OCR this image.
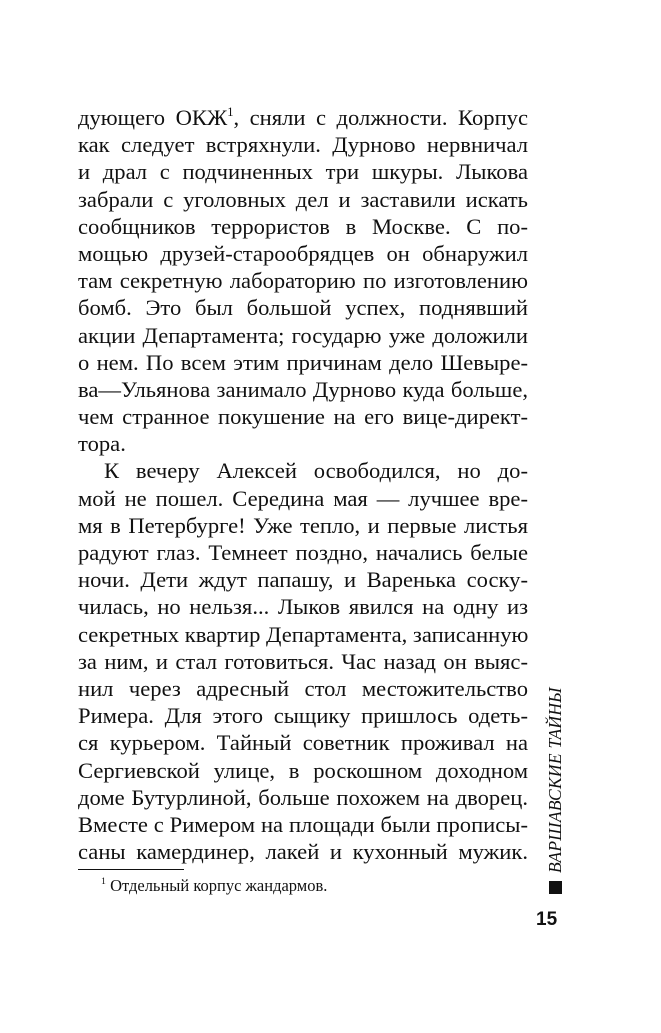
дующего ОКЖ$^1$, сняли с должности. Корпус
как следует встряхнули. Дурново нервничал
и драл с подчиненных три шкуры. Лыкова
забрали с уголовных дел и заставили искать
сообщников террористов в Москве. С по-
мощью друзей-старообрядцев он обнаружил
там секретную лабораторию по изготовлению
бомб. Это был большой успех, поднявший
акции Департамента; государю уже доложили
о нем. По всем этим причинам дело Шевыре-
ва—Ульянова занимало Дурново куда больше,
чем странное покушение на его вице-директ-
тора.
К вечеру Алексей освободился, но до-
мой не пошел. Середина мая — лучшее вре-
мя в Петербурге! Уже тепло, и первые листья
радуют глаз. Темнеет поздно, начались белые
ночи. Дети ждут папашу, и Варенька соску-
чилась, но нельзя... Лыков явился на одну из
секретных квартир Департамента, записанную
за ним, и стал готовиться. Час назад он выяс-
нил через адресный стол местожительство
Римера. Для этого сыщику пришлось одеть-
ся курьером. Тайный советник проживал на
Сергиевской улице, в роскошном доходном
доме Бутурлиной, больше похожем на дворец.
Вместе с Римером на площади были прописы-
саны камердинер, лакей и кухонный мужик.
$^1$ Отдельный корпус жандармов.
ВАРШАВСКИЕ ТАЙНЫ
15
